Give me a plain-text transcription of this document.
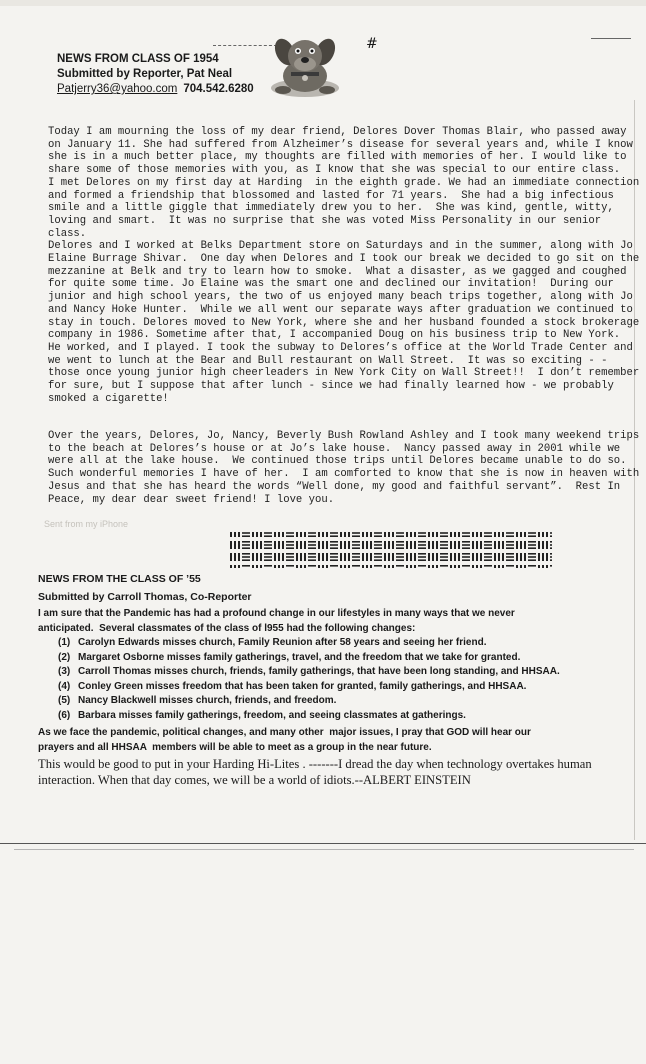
NEWS FROM CLASS OF 1954
Submitted by Reporter, Pat Neal
Patjerry36@yahoo.com 704.542.6280
#
Today I am mourning the loss of my dear friend, Delores Dover Thomas Blair, who passed away
on January 11. She had suffered from Alzheimer’s disease for several years and, while I know
she is in a much better place, my thoughts are filled with memories of her. I would like to
share some of those memories with you, as I know that she was special to our entire class.
I met Delores on my first day at Harding  in the eighth grade. We had an immediate connection
and formed a friendship that blossomed and lasted for 71 years.  She had a big infectious
smile and a little giggle that immediately drew you to her.  She was kind, gentle, witty,
loving and smart.  It was no surprise that she was voted Miss Personality in our senior
class.
Delores and I worked at Belks Department store on Saturdays and in the summer, along with Jo
Elaine Burrage Shivar.  One day when Delores and I took our break we decided to go sit on the
mezzanine at Belk and try to learn how to smoke.  What a disaster, as we gagged and coughed
for quite some time. Jo Elaine was the smart one and declined our invitation!  During our
junior and high school years, the two of us enjoyed many beach trips together, along with Jo
and Nancy Hoke Hunter.  While we all went our separate ways after graduation we continued to
stay in touch. Delores moved to New York, where she and her husband founded a stock brokerage
company in 1986. Sometime after that, I accompanied Doug on his business trip to New York.
He worked, and I played. I took the subway to Delores’s office at the World Trade Center and
we went to lunch at the Bear and Bull restaurant on Wall Street.  It was so exciting - -
those once young junior high cheerleaders in New York City on Wall Street!!  I don’t remember
for sure, but I suppose that after lunch - since we had finally learned how - we probably
smoked a cigarette!
Over the years, Delores, Jo, Nancy, Beverly Bush Rowland Ashley and I took many weekend trips
to the beach at Delores’s house or at Jo’s lake house.  Nancy passed away in 2001 while we
were all at the lake house.  We continued those trips until Delores became unable to do so.
Such wonderful memories I have of her.  I am comforted to know that she is now in heaven with
Jesus and that she has heard the words “Well done, my good and faithful servant”.  Rest In
Peace, my dear dear sweet friend! I love you.
Sent from my iPhone
NEWS FROM THE CLASS OF ’55
Submitted by Carroll Thomas, Co-Reporter
I am sure that the Pandemic has had a profound change in our lifestyles in many ways that we never
anticipated.  Several classmates of the class of l955 had the following changes:
(1) Carolyn Edwards misses church, Family Reunion after 58 years and seeing her friend.
(2) Margaret Osborne misses family gatherings, travel, and the freedom that we take for granted.
(3) Carroll Thomas misses church, friends, family gatherings, that have been long standing, and HHSAA.
(4) Conley Green misses freedom that has been taken for granted, family gatherings, and HHSAA.
(5) Nancy Blackwell misses church, friends, and freedom.
(6) Barbara misses family gatherings, freedom, and seeing classmates at gatherings.
As we face the pandemic, political changes, and many other  major issues, I pray that GOD will hear our
prayers and all HHSAA  members will be able to meet as a group in the near future.
This would be good to put in your Harding Hi-Lites . -------I dread the day when technology overtakes human interaction. When that day comes, we will be a world of idiots.--ALBERT EINSTEIN
